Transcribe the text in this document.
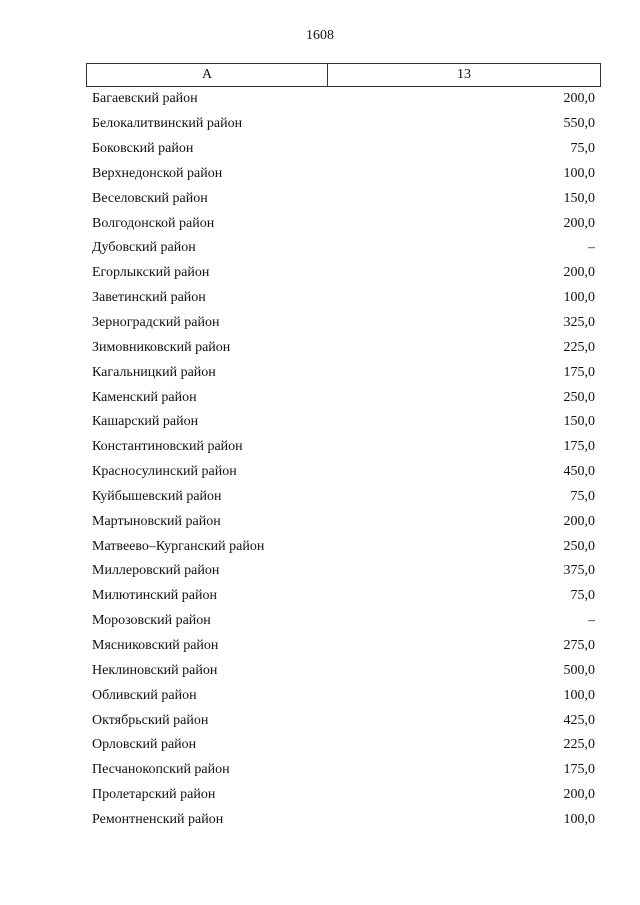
1608
А	13
Багаевский район	200,0
Белокалитвинский район	550,0
Боковский район	75,0
Верхнедонской район	100,0
Веселовский район	150,0
Волгодонской район	200,0
Дубовский район	–
Егорлыкский район	200,0
Заветинский район	100,0
Зерноградский район	325,0
Зимовниковский район	225,0
Кагальницкий район	175,0
Каменский район	250,0
Кашарский район	150,0
Константиновский район	175,0
Красносулинский район	450,0
Куйбышевский район	75,0
Мартыновский район	200,0
Матвеево–Курганский район	250,0
Миллеровский район	375,0
Милютинский район	75,0
Морозовский район	–
Мясниковский район	275,0
Неклиновский район	500,0
Обливский район	100,0
Октябрьский район	425,0
Орловский район	225,0
Песчанокопский район	175,0
Пролетарский район	200,0
Ремонтненский район	100,0
